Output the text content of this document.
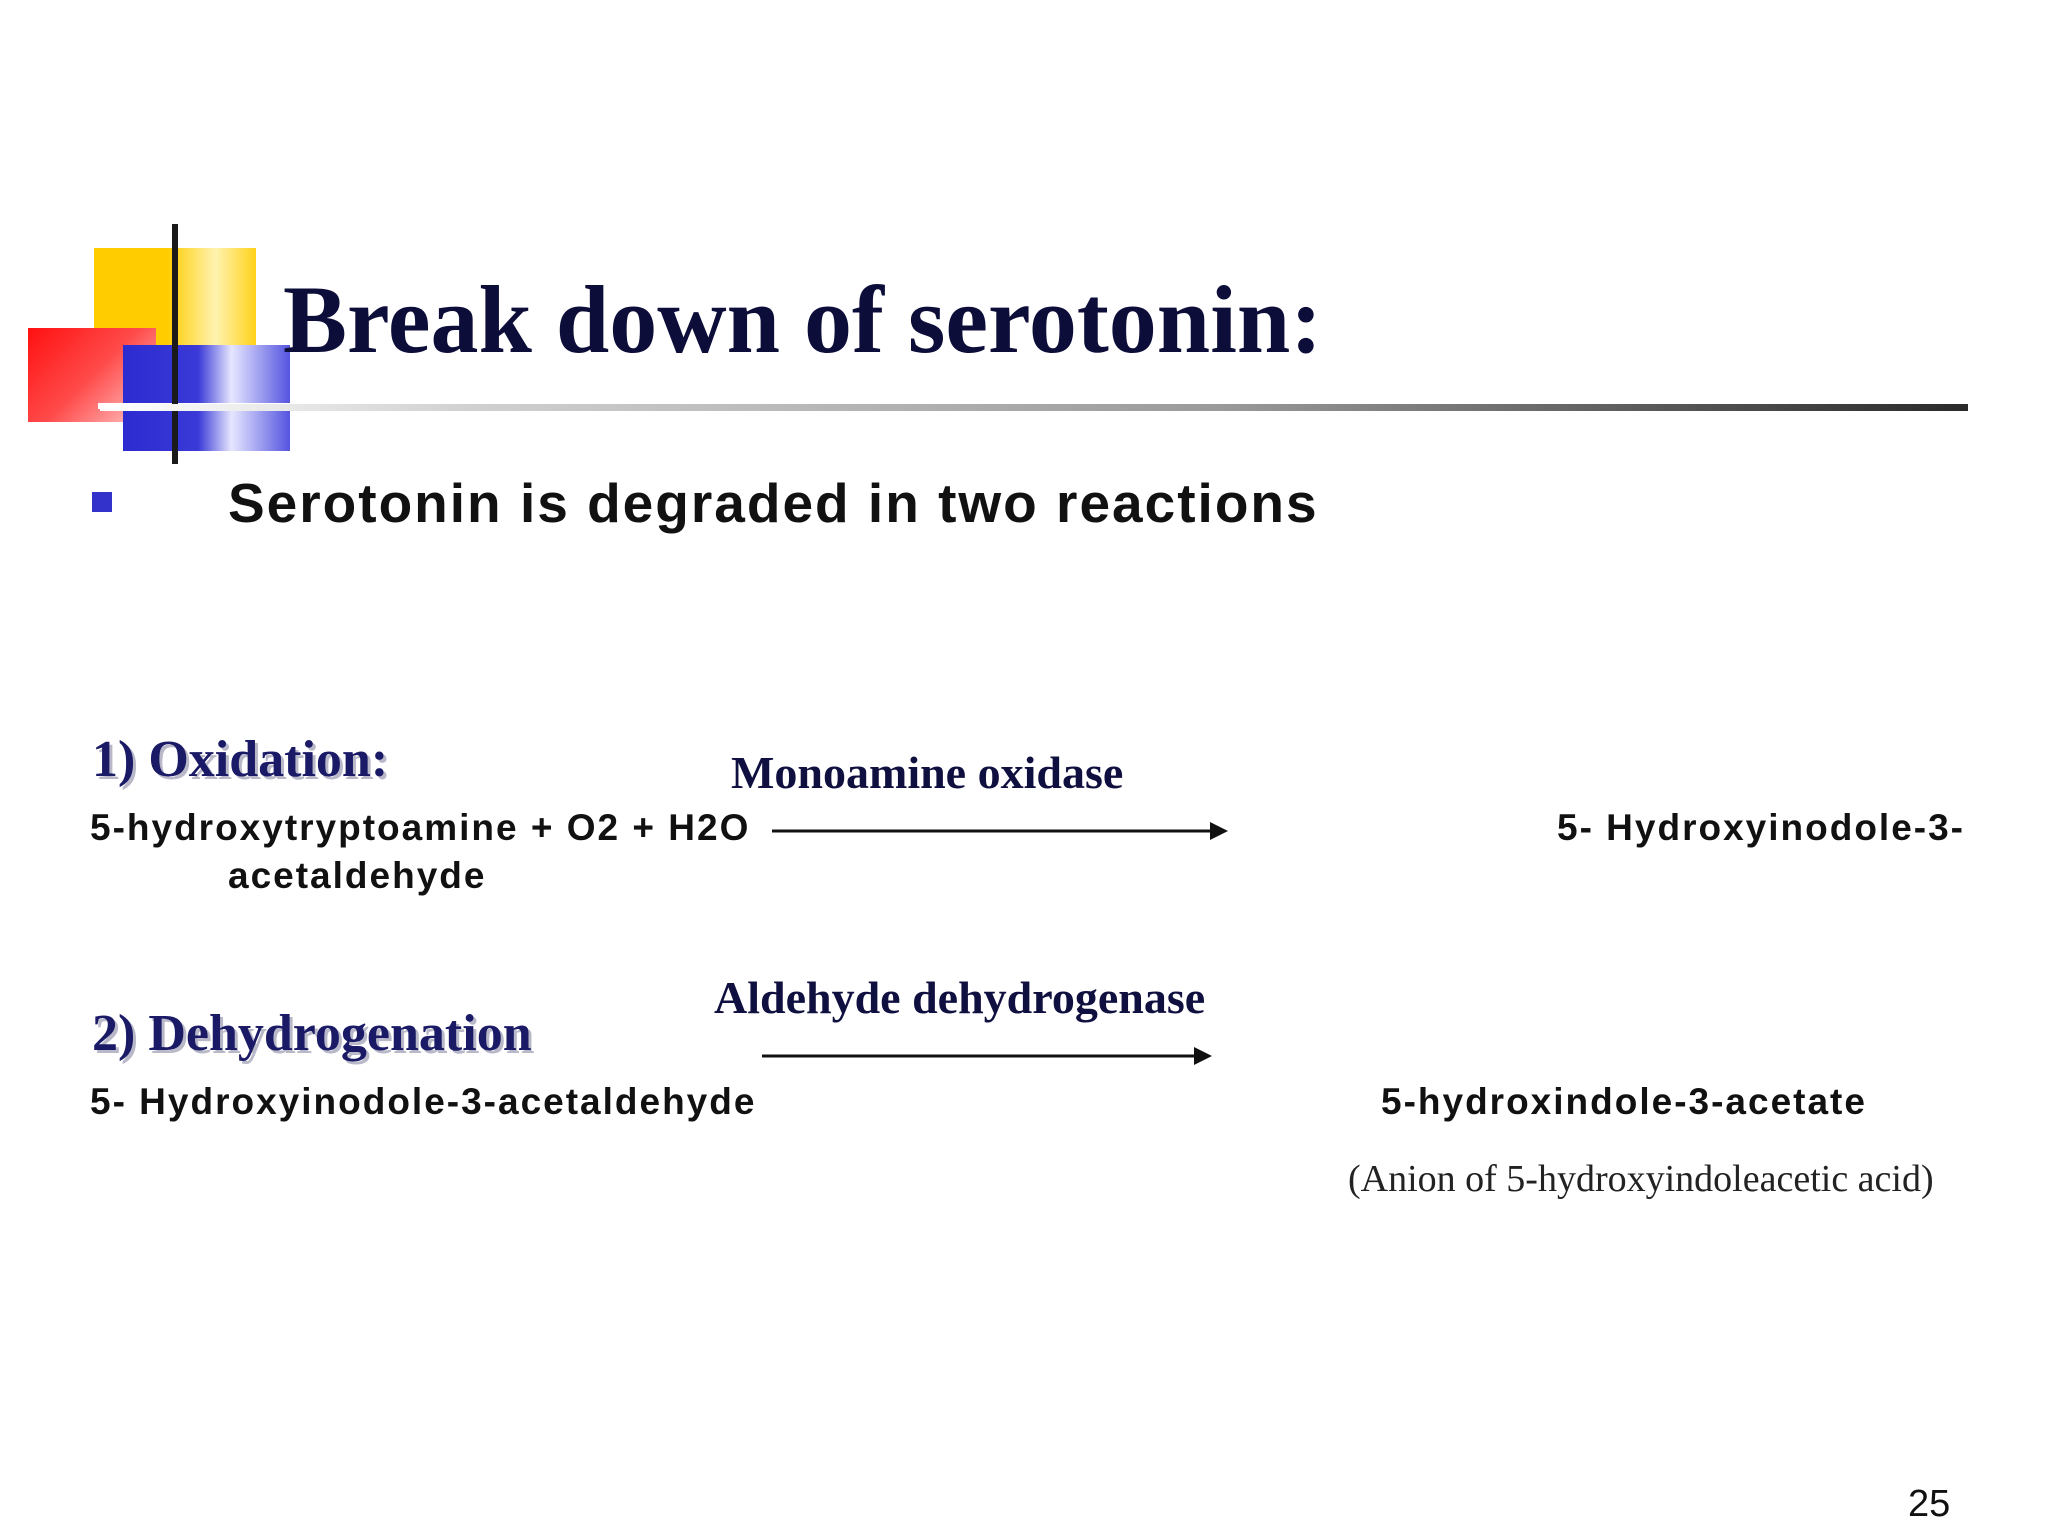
Break down of serotonin:
Serotonin is degraded in two reactions
1) Oxidation:	Monoamine oxidase
5-hydroxytryptoamine + O2 + H2O	5- Hydroxyinodole-3-
acetaldehyde
Aldehyde dehydrogenase
2) Dehydrogenation
5- Hydroxyinodole-3-acetaldehyde	5-hydroxindole-3-acetate
(Anion of 5-hydroxyindoleacetic acid)
25
